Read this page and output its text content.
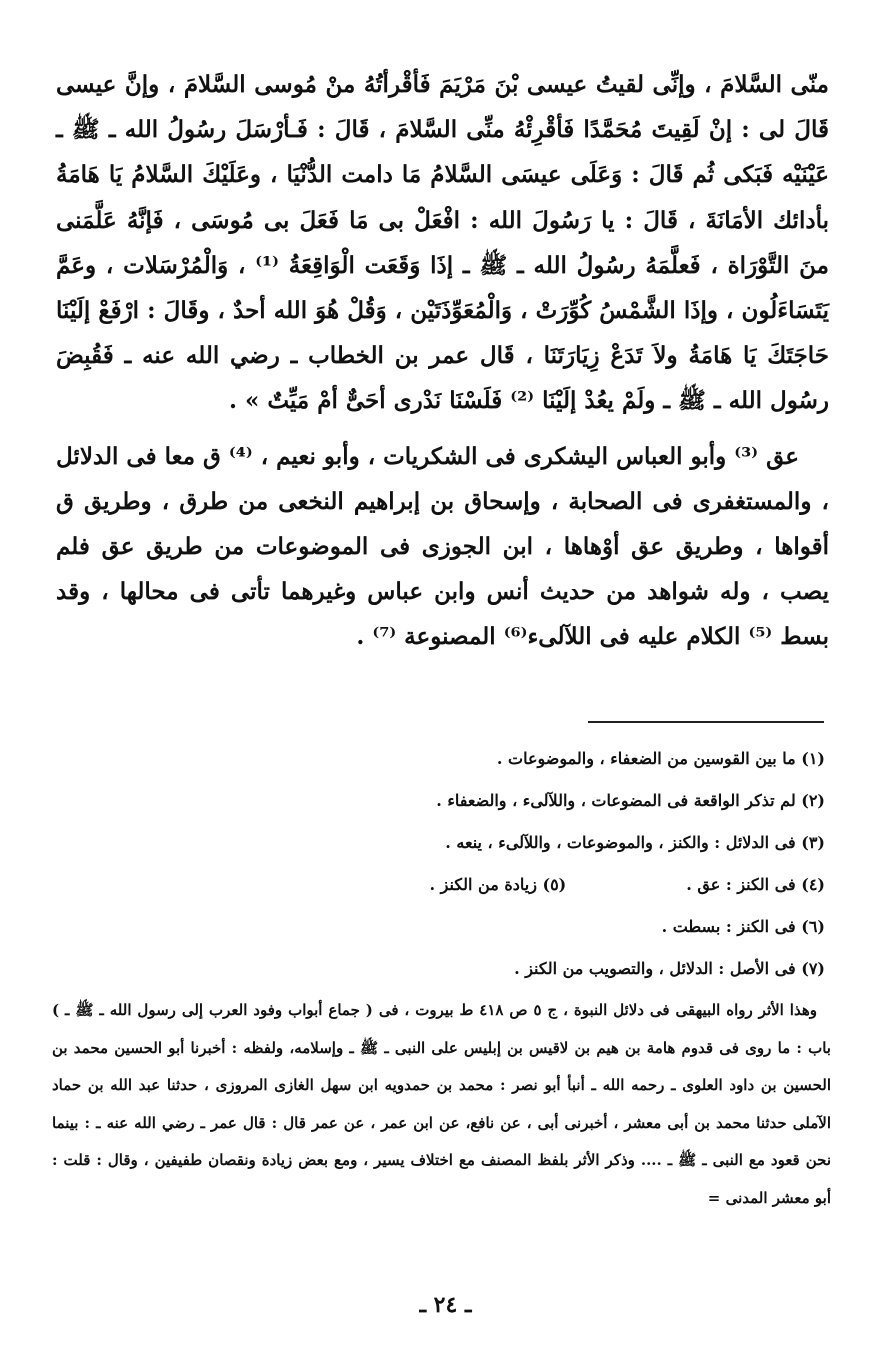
منّى السَّلامَ ، وإنِّى لقيتُ عيسى بْنَ مَرْيَمَ فَأقْرأتُهُ منْ مُوسى السَّلامَ ، وإنَّ عيسى قَالَ لى : إنْ لَقِيتَ مُحَمَّدًا فَأقْرِئْهُ منِّى السَّلامَ ، قَالَ : فَـأرْسَلَ رسُولُ الله ـ ﷺ ـ عَيْنَيْه فَبَكى ثُم قَالَ : وَعَلَى عيسَى السَّلامُ مَا دامت الدُّنْيَا ، وعَلَيْكَ السَّلامُ يَا هَامَةُ بأدائك الأمَانَةَ ، قَالَ : يا رَسُولَ الله : افْعَلْ بى مَا فَعَلَ بى مُوسَى ، فَإنَّهُ عَلَّمَنى منَ التَّوْرَاة ، فَعلَّمَهُ رسُولُ الله ـ ﷺ ـ إذَا وَقَعَت الْوَاقِعَةُ ⁽¹⁾ ، وَالْمُرْسَلات ، وعَمَّ يَتَسَاءَلُون ، وإذَا الشَّمْسُ كُوِّرَتْ ، وَالْمُعَوِّذَتَيْن ، وَقُلْ هُوَ الله أحدٌ ، وقَالَ : ارْفَعْ إلَيْنَا حَاجَتَكَ يَا هَامَةُ ولاَ تَدَعْ زِيَارَتَنَا ، قَال عمر بن الخطاب ـ رضي الله عنه ـ فَقُبِضَ رسُول الله ـ ﷺ ـ ولَمْ يعُدْ إلَيْنَا ⁽²⁾ فَلَسْنَا نَدْرى أحَىٌّ أمْ مَيِّتٌ » .

عق ⁽³⁾ وأبو العباس اليشكرى فى الشكريات ، وأبو نعيم ، ⁽⁴⁾ ق معا فى الدلائل ، والمستغفرى فى الصحابة ، وإسحاق بن إبراهيم النخعى من طرق ، وطريق ق أقواها ، وطريق عق أوْهاها ، ابن الجوزى فى الموضوعات من طريق عق فلم يصب ، وله شواهد من حديث أنس وابن عباس وغيرهما تأتى فى محالها ، وقد بسط ⁽⁵⁾ الكلام عليه فى اللآلىء⁽⁶⁾ المصنوعة ⁽⁷⁾ .

(١) ما بين القوسين من الضعفاء ، والموضوعات .
(٢) لم تذكر الواقعة فى المضوعات ، واللآلىء ، والضعفاء .
(٣) فى الدلائل : والكنز ، والموضوعات ، واللآلىء ، ينعه .
(٤) فى الكنز : عق .
(٥) زيادة من الكنز .
(٦) فى الكنز : بسطت .
(٧) فى الأصل : الدلائل ، والتصويب من الكنز .

وهذا الأثر رواه البيهقى فى دلائل النبوة ، ج ٥ ص ٤١٨ ط بيروت ، فى ( جماع أبواب وفود العرب إلى رسول الله ـ ﷺ ـ ) باب : ما روى فى قدوم هامة بن هيم بن لاقيس بن إبليس على النبى ـ ﷺ ـ وإسلامه، ولفظه : أخبرنا أبو الحسين محمد بن الحسين بن داود العلوى ـ رحمه الله ـ أنبأ أبو نصر : محمد بن حمدويه ابن سهل الغازى المروزى ، حدثنا عبد الله بن حماد الآملى حدثنا محمد بن أبى معشر ، أخبرنى أبى ، عن نافع، عن ابن عمر ، عن عمر قال : قال عمر ـ رضي الله عنه ـ : بينما نحن قعود مع النبى ـ ﷺ ـ .... وذكر الأثر بلفظ المصنف مع اختلاف يسير ، ومع بعض زيادة ونقصان طفيفين ، وقال : قلت : أبو معشر المدنى =

ـ ٢٤ ـ
